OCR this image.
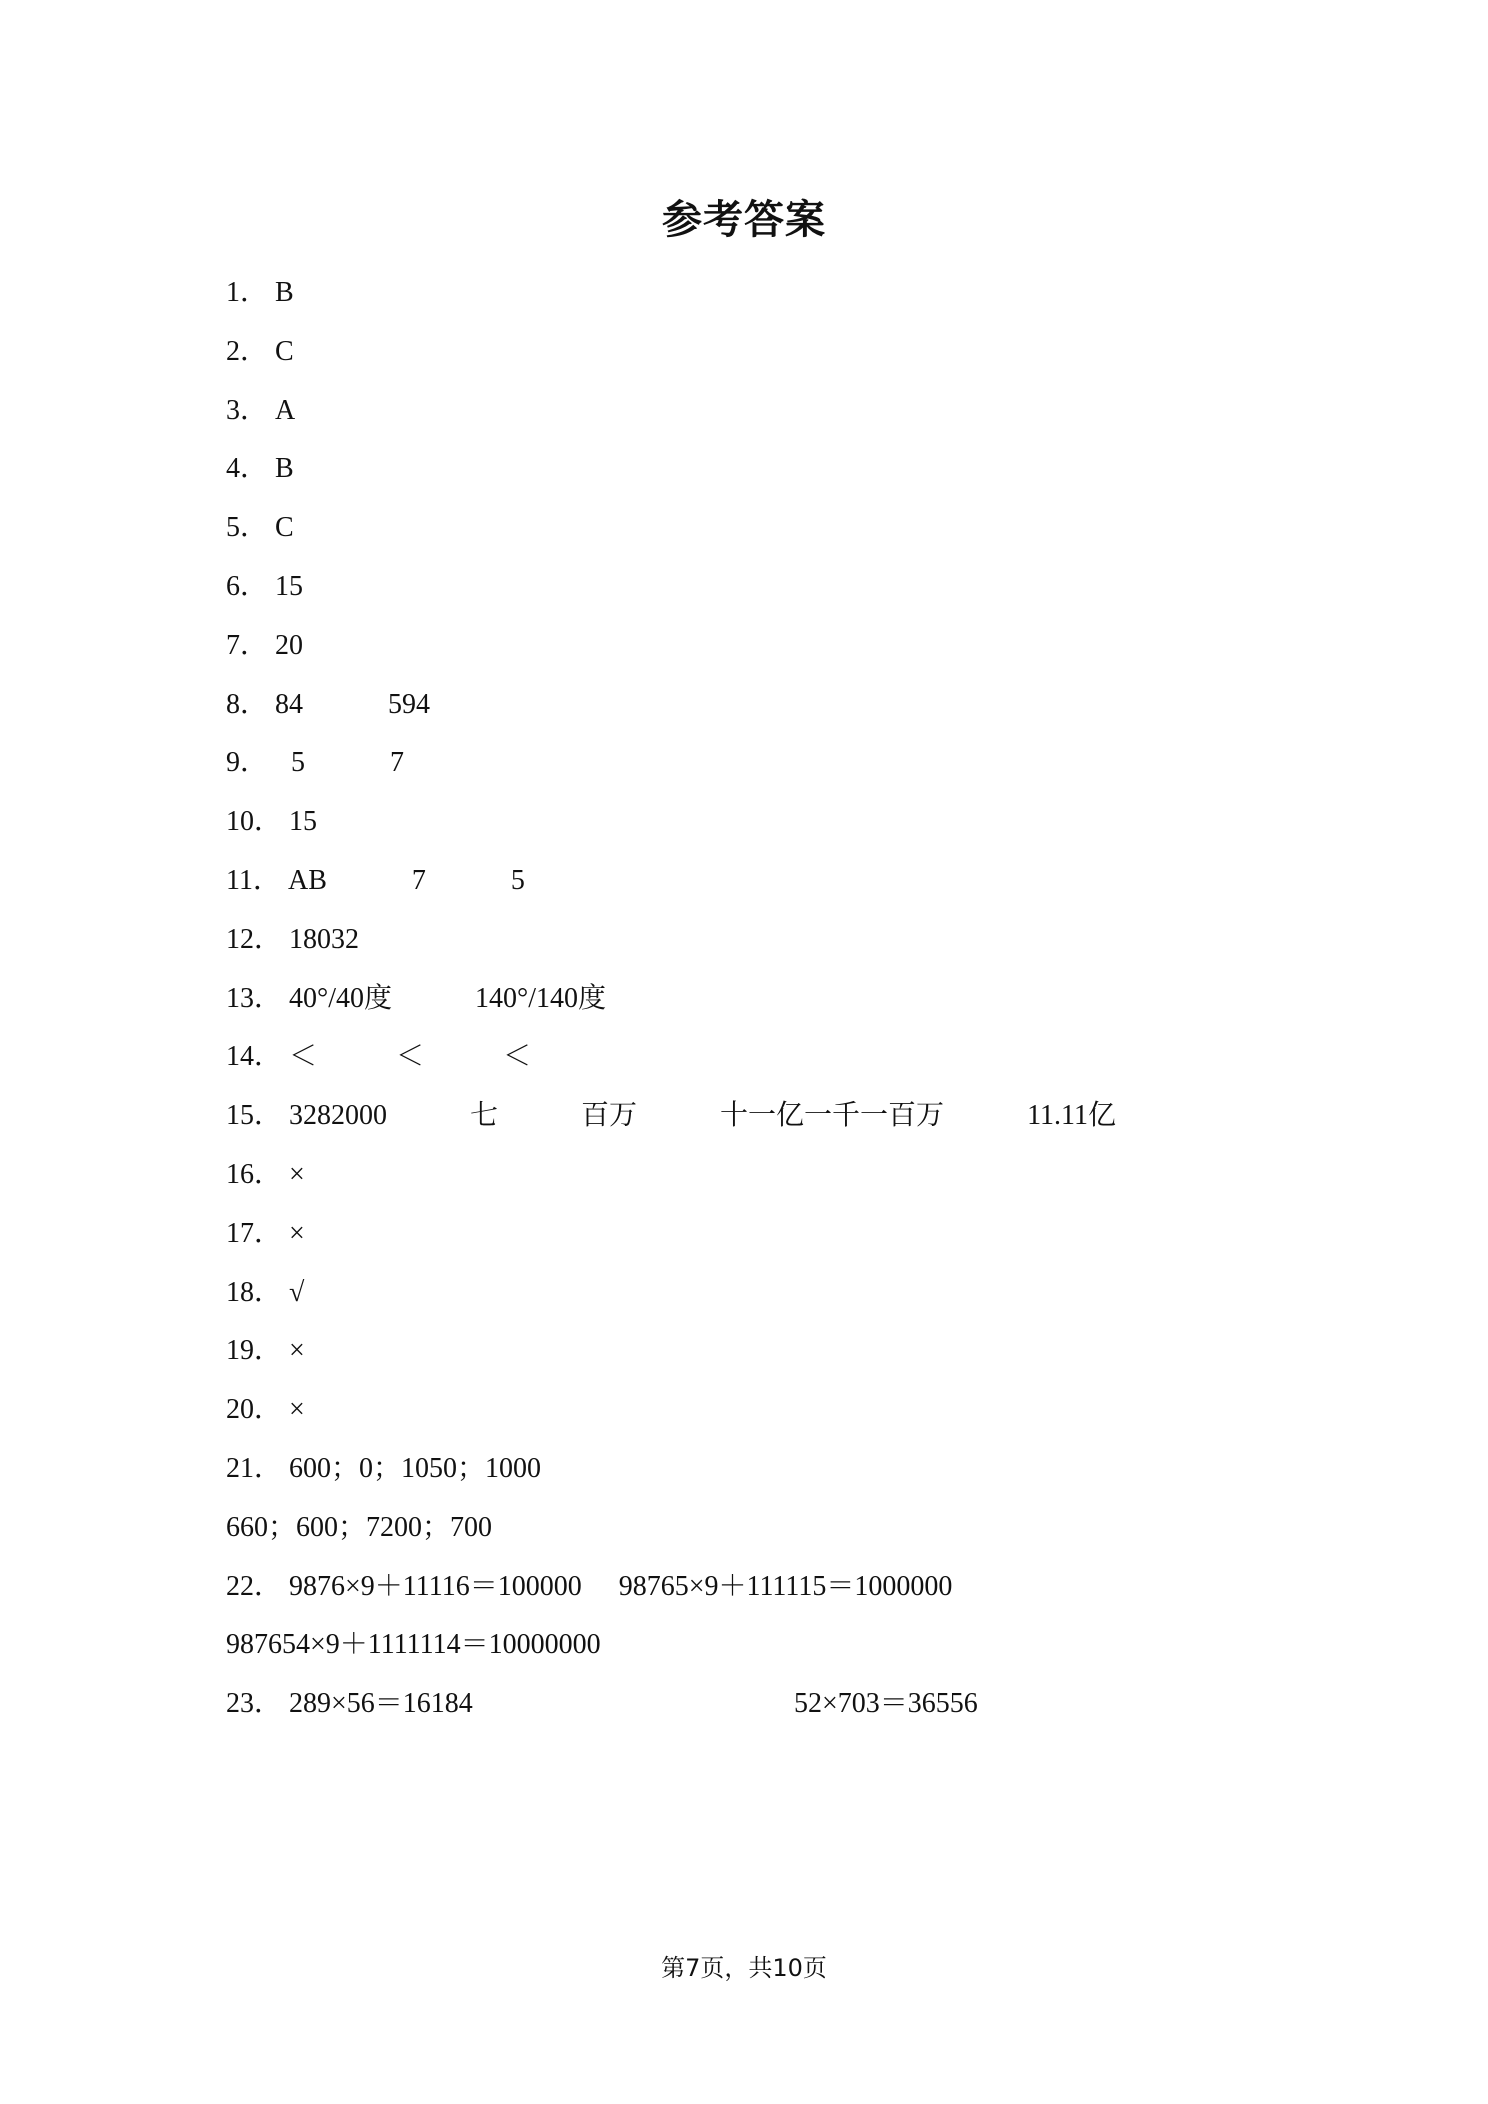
参考答案
1． B
2． C
3． A
4． B
5． C
6． 15
7． 20
8． 84	594
9． 5	7
10． 15
11． AB	7	5
12． 18032
13． 40°/40度	140°/140度
14． ＜	＜	＜
15． 3282000	七	百万	十一亿一千一百万	11.11亿
16． ×
17． ×
18． √
19． ×
20． ×
21． 600；0；1050；1000
660；600；7200；700
22． 9876×9＋11116＝100000 98765×9＋111115＝1000000
987654×9＋1111114＝10000000
23． 289×56＝16184	52×703＝36556
第7页，共10页
